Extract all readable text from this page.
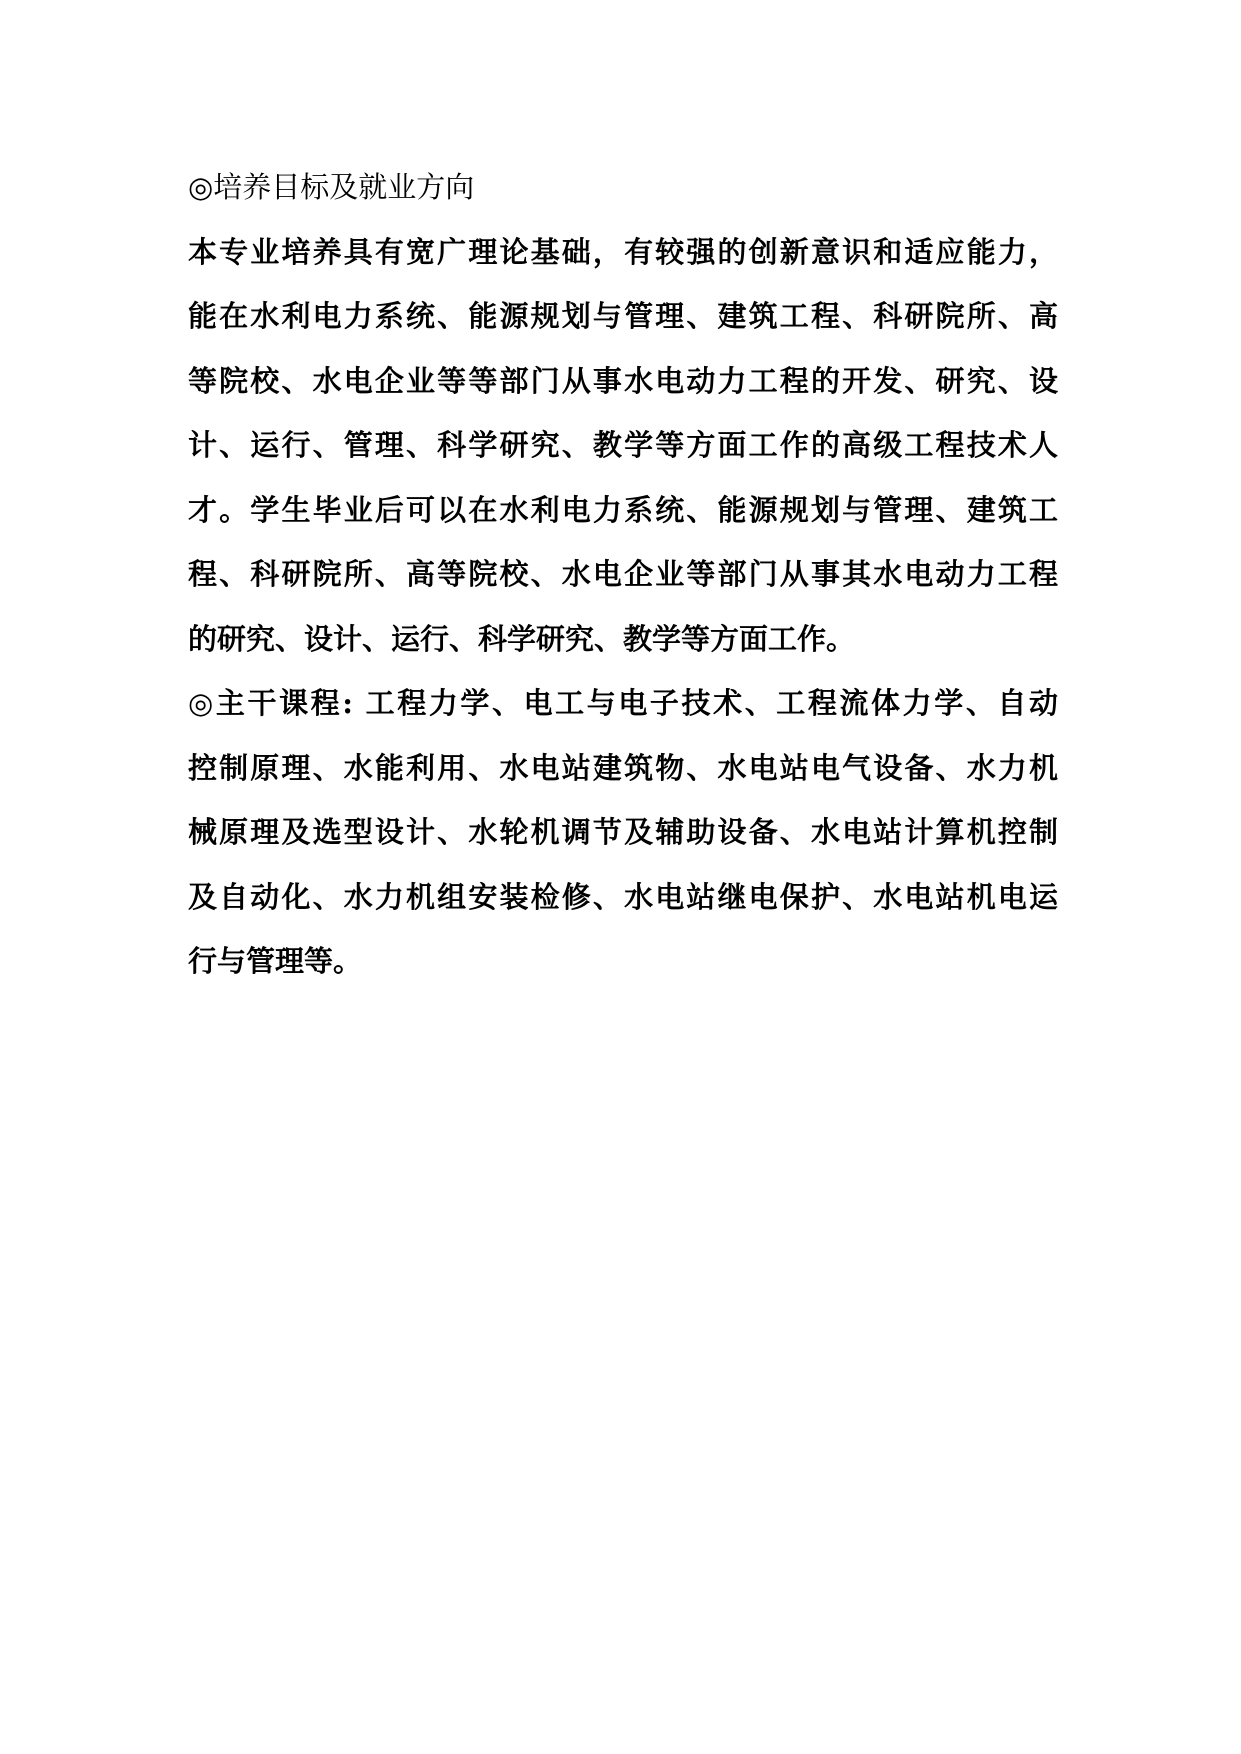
◎培养目标及就业方向
本专业培养具有宽广理论基础，有较强的创新意识和适应能力，
能在水利电力系统、能源规划与管理、建筑工程、科研院所、高
等院校、水电企业等等部门从事水电动力工程的开发、研究、设
计、运行、管理、科学研究、教学等方面工作的高级工程技术人
才。学生毕业后可以在水利电力系统、能源规划与管理、建筑工
程、科研院所、高等院校、水电企业等部门从事其水电动力工程
的研究、设计、运行、科学研究、教学等方面工作。
◎主干课程: 工程力学、电工与电子技术、工程流体力学、自动
控制原理、水能利用、水电站建筑物、水电站电气设备、水力机
械原理及选型设计、水轮机调节及辅助设备、水电站计算机控制
及自动化、水力机组安装检修、水电站继电保护、水电站机电运
行与管理等。
